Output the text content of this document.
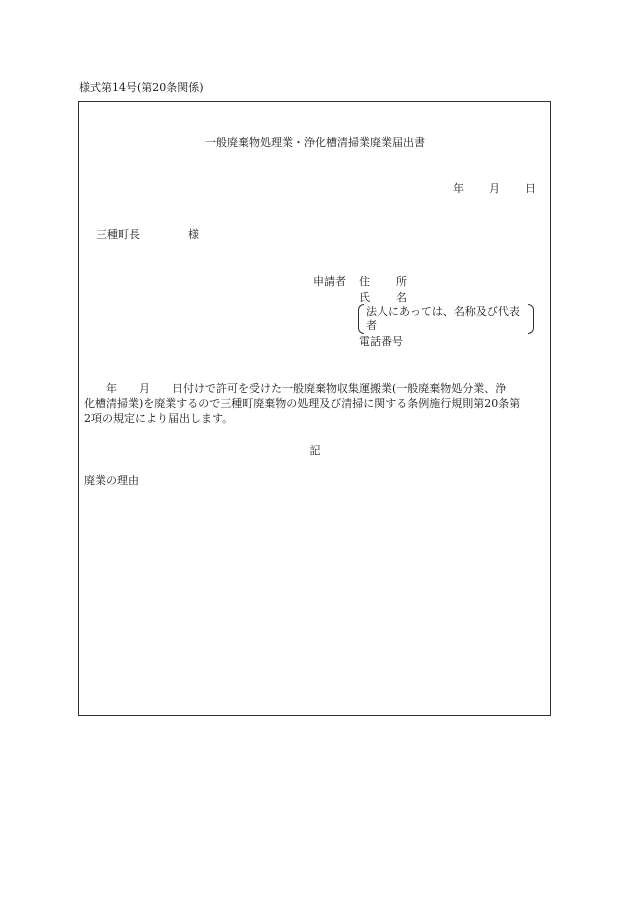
様式第14号(第20条関係)
一般廃棄物処理業・浄化槽清掃業廃業届出書
年 月 日
三種町長	様
申請者 住 所
氏 名
法人にあっては、名称及び代表
者
電話番号
　　年　　月　　日付けで許可を受けた一般廃棄物収集運搬業(一般廃棄物処分業、浄
化槽清掃業)を廃業するので三種町廃棄物の処理及び清掃に関する条例施行規則第20条第
2項の規定により届出します。
記
廃業の理由
